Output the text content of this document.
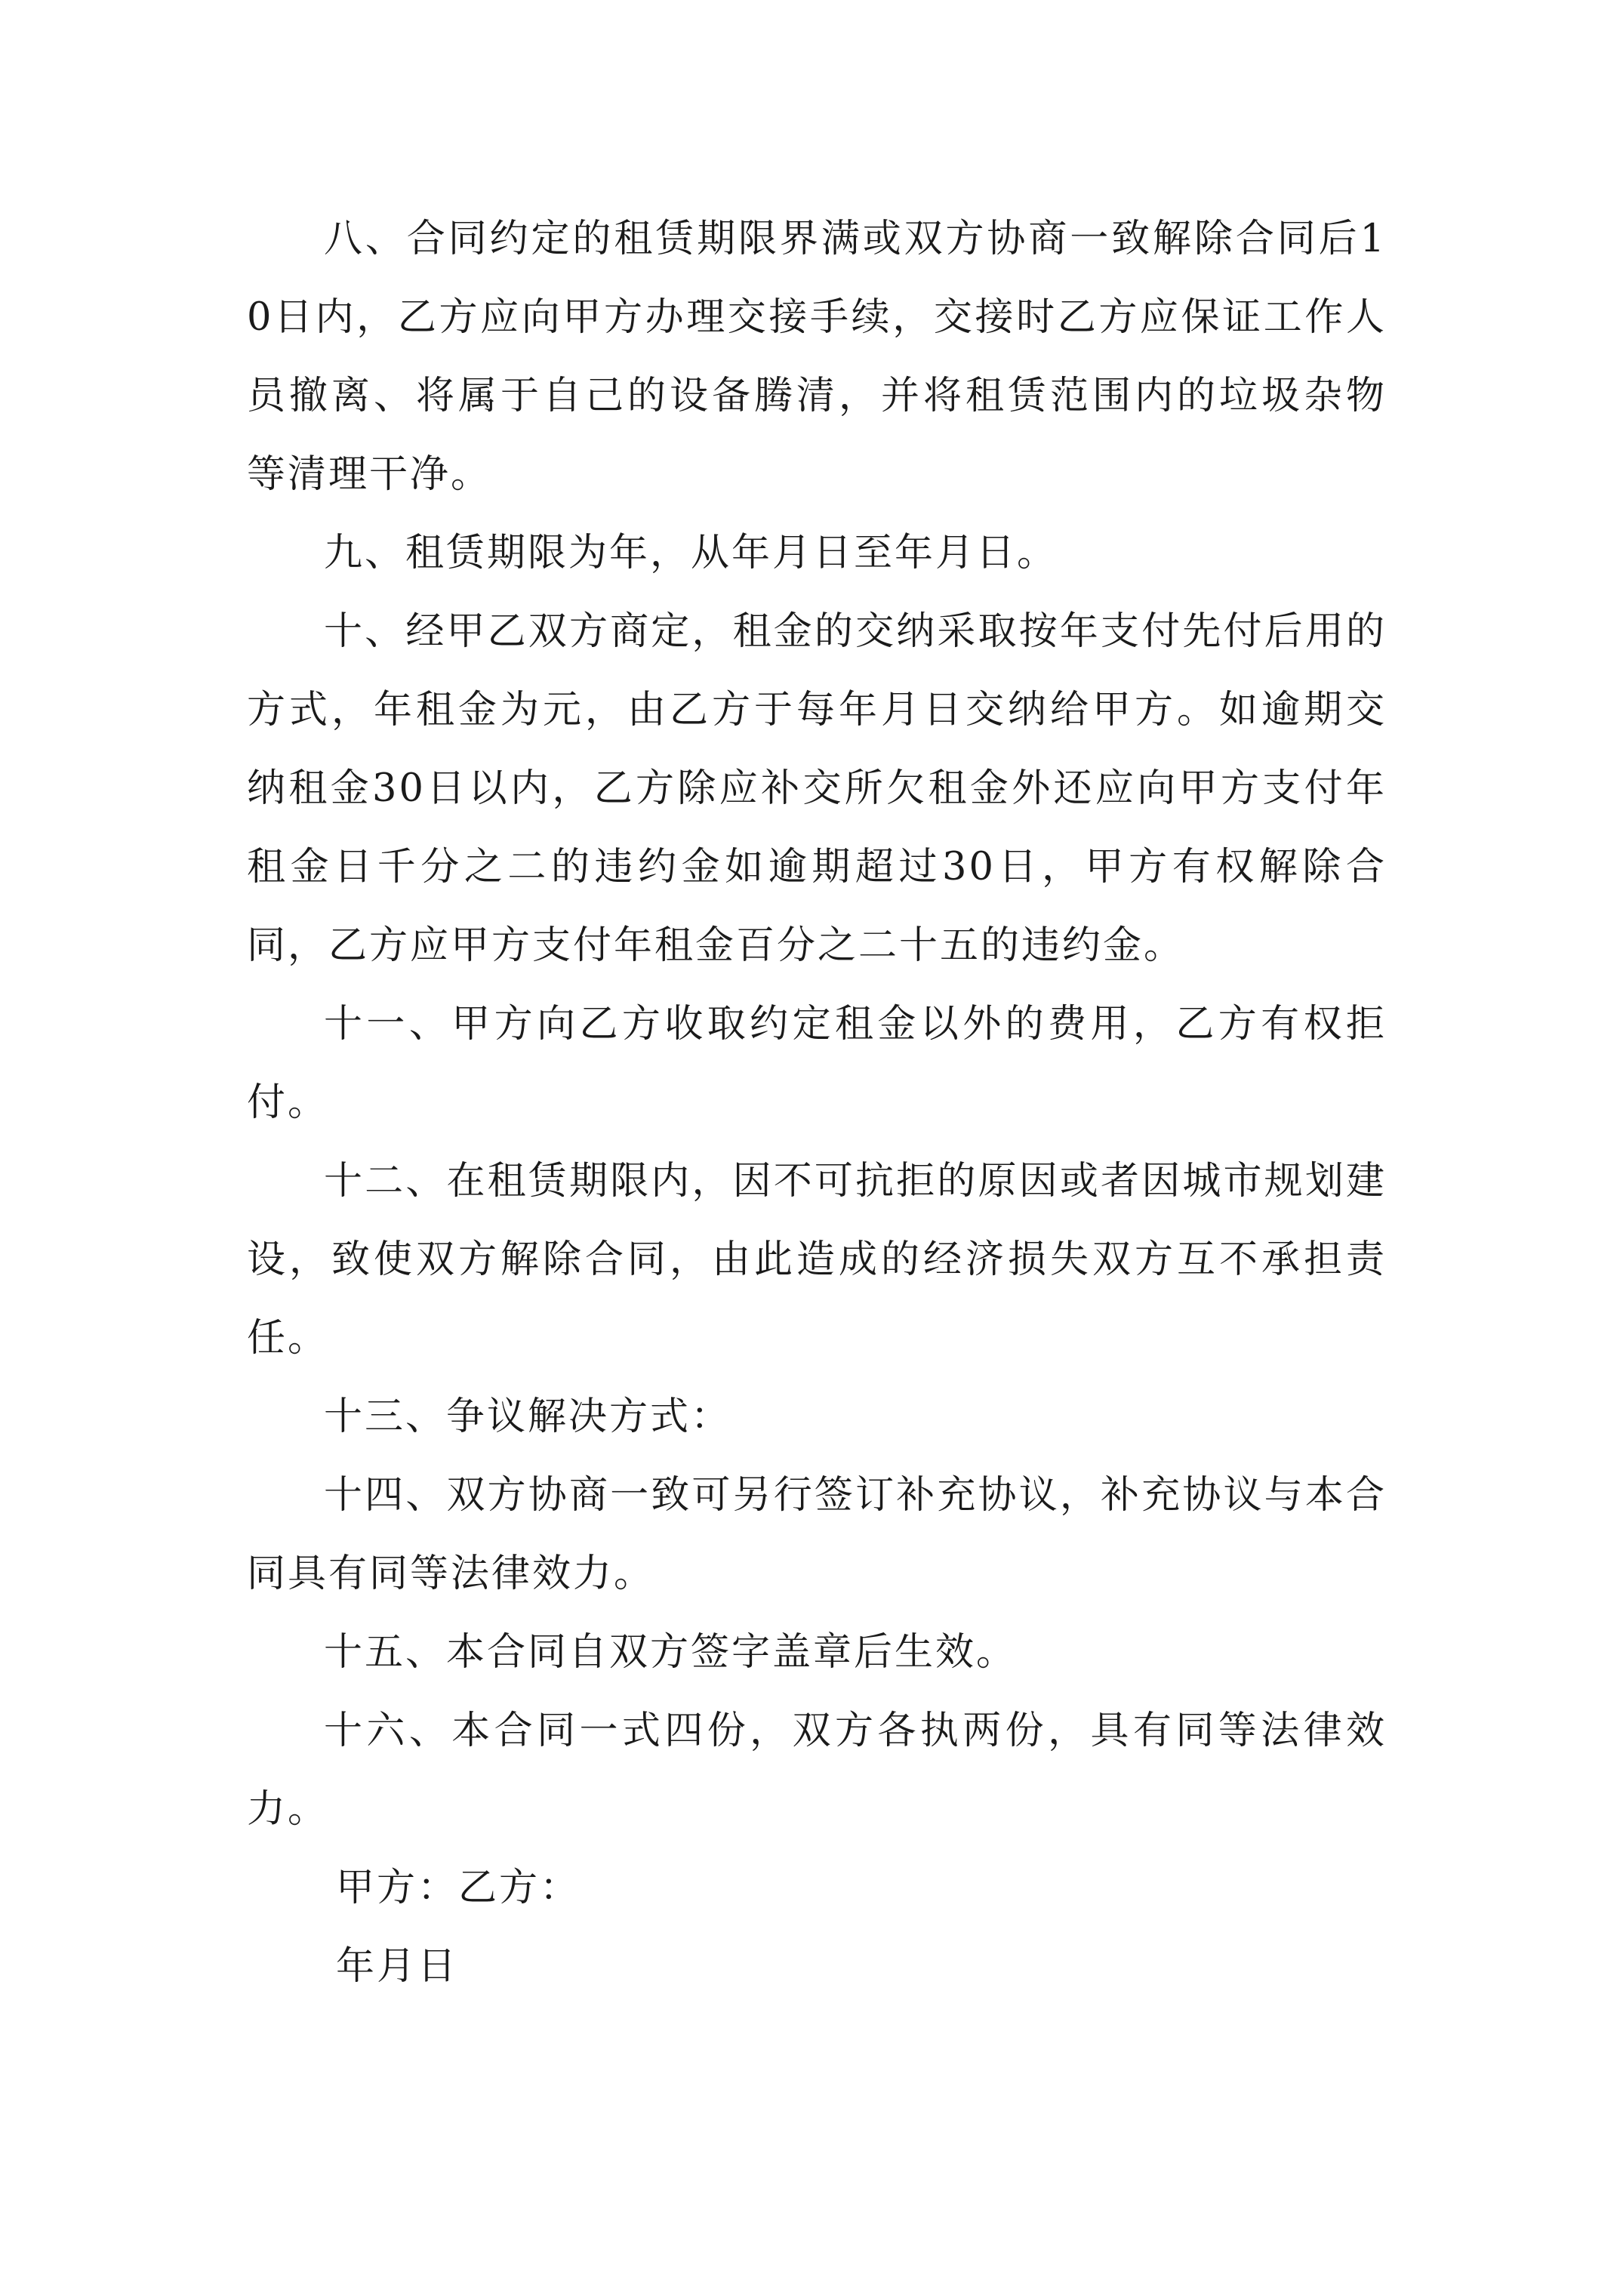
八、合同约定的租赁期限界满或双方协商一致解除合同后10日内，乙方应向甲方办理交接手续，交接时乙方应保证工作人员撤离、将属于自己的设备腾清，并将租赁范围内的垃圾杂物等清理干净。

九、租赁期限为年，从年月日至年月日。

十、经甲乙双方商定，租金的交纳采取按年支付先付后用的方式，年租金为元，由乙方于每年月日交纳给甲方。如逾期交纳租金30日以内，乙方除应补交所欠租金外还应向甲方支付年租金日千分之二的违约金如逾期超过30日，甲方有权解除合同，乙方应甲方支付年租金百分之二十五的违约金。

十一、甲方向乙方收取约定租金以外的费用，乙方有权拒付。

十二、在租赁期限内，因不可抗拒的原因或者因城市规划建设，致使双方解除合同，由此造成的经济损失双方互不承担责任。

十三、争议解决方式：

十四、双方协商一致可另行签订补充协议，补充协议与本合同具有同等法律效力。

十五、本合同自双方签字盖章后生效。

十六、本合同一式四份，双方各执两份，具有同等法律效力。

甲方：乙方：

年月日
